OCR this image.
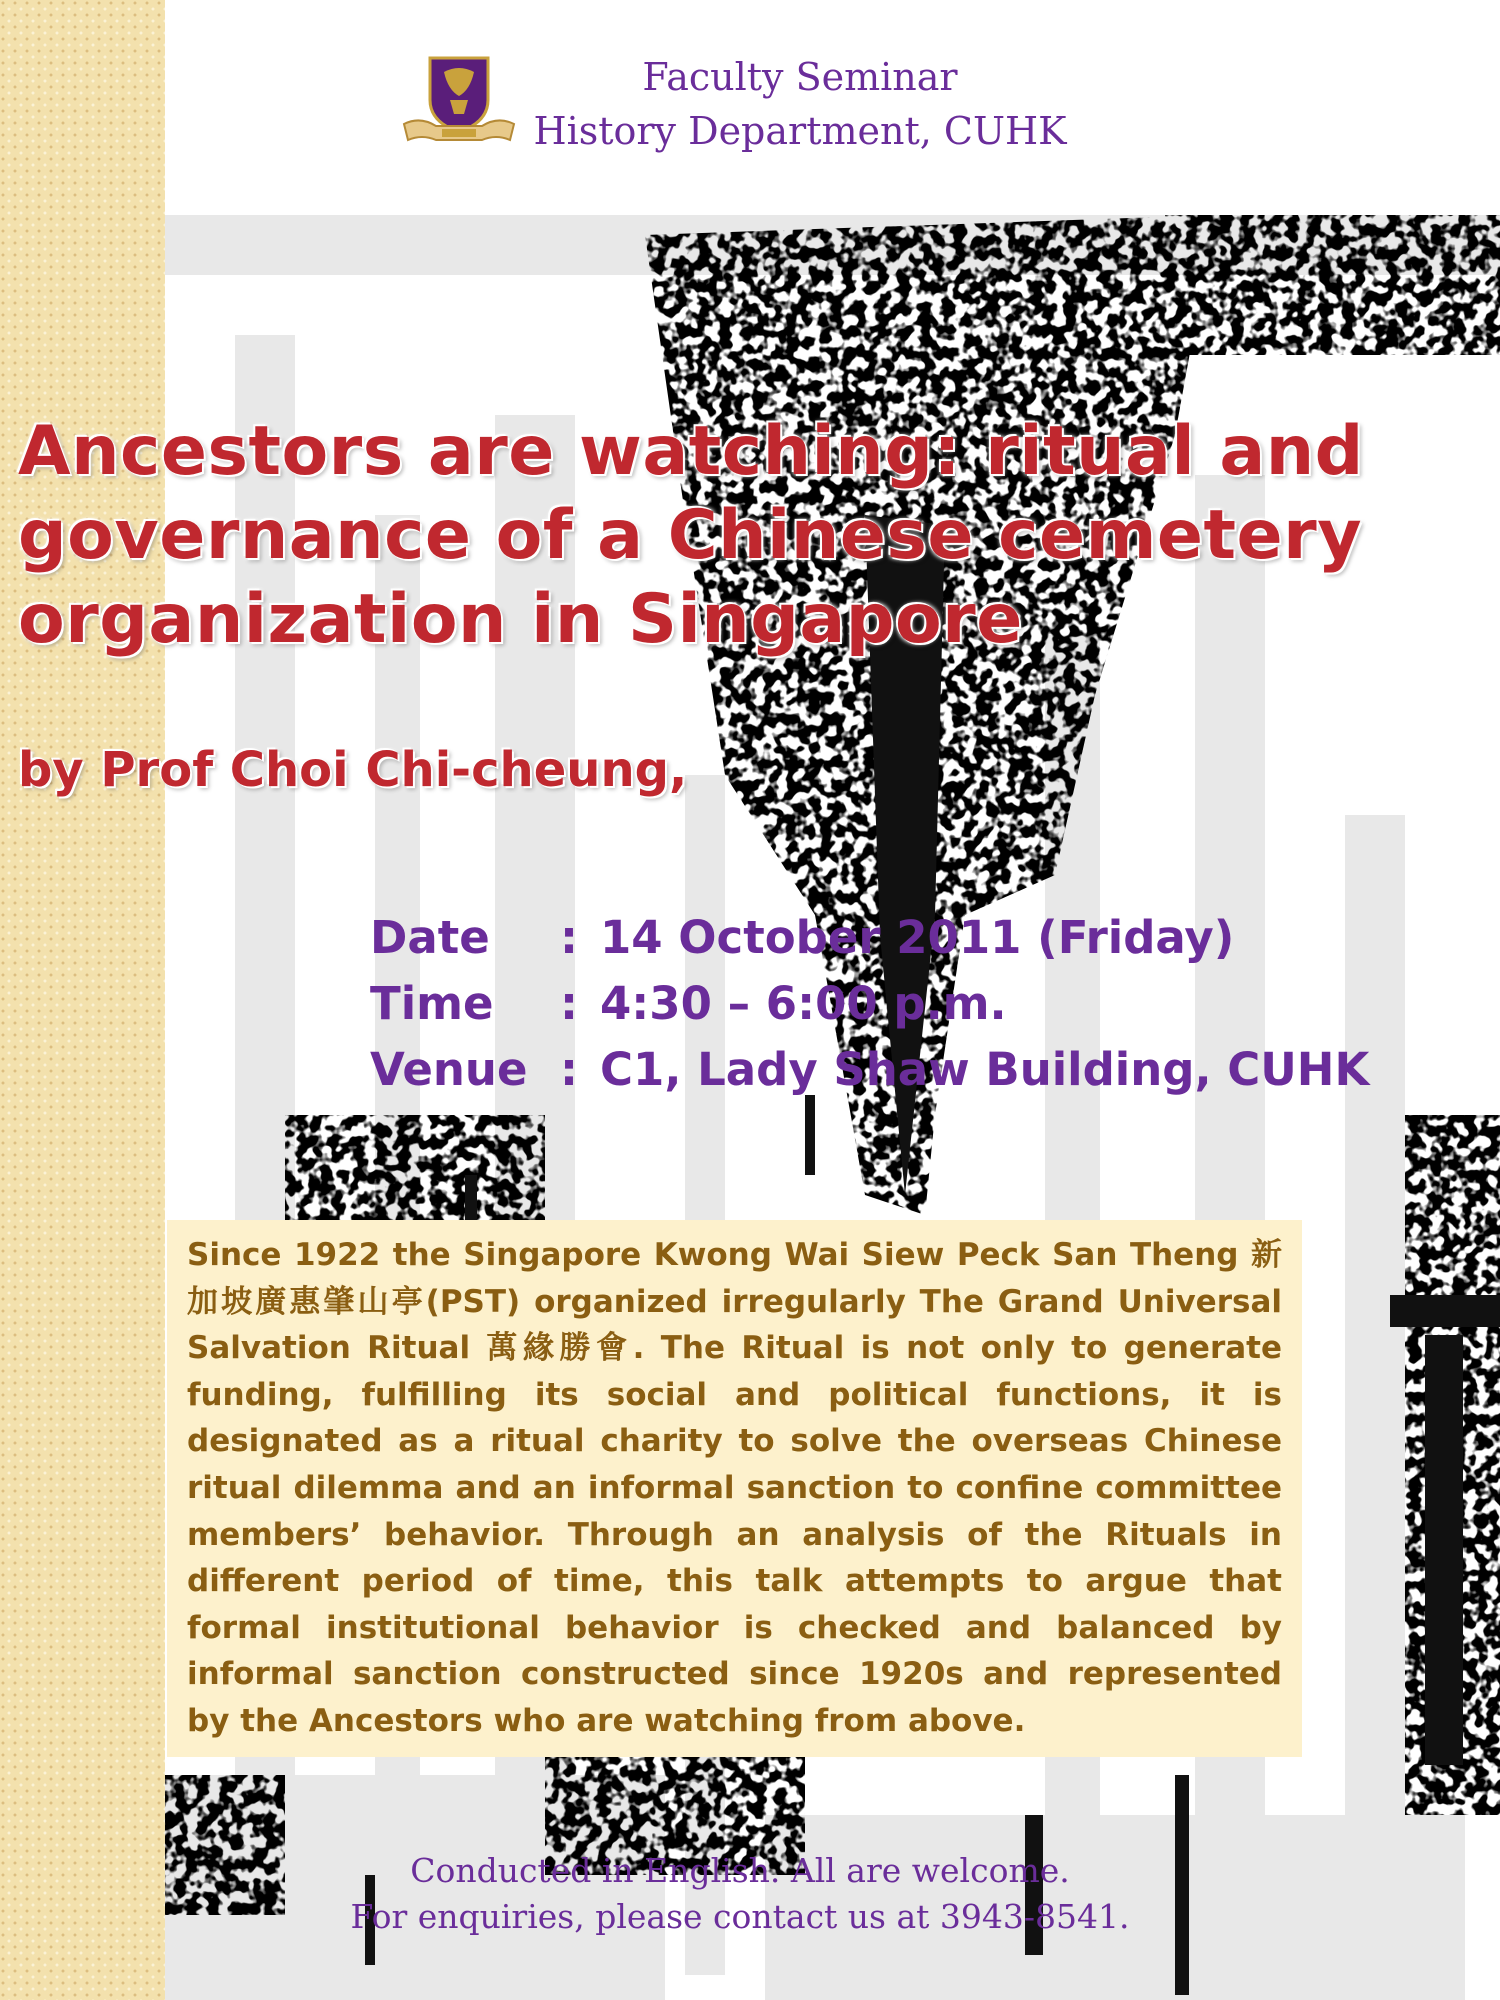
Faculty Seminar
History Department, CUHK
Ancestors are watching: ritual and
governance of a Chinese cemetery
organization in Singapore
by Prof Choi Chi-cheung,
Date	: 14 October 2011 (Friday)
Time	: 4:30 – 6:00 p.m.
Venue : C1, Lady Shaw Building, CUHK

Since 1922 the Singapore Kwong Wai Siew Peck San Theng 新加坡廣惠肇山亭(PST) organized irregularly The Grand Universal Salvation Ritual 萬緣勝會. The Ritual is not only to generate funding, fulfilling its social and political functions, it is designated as a ritual charity to solve the overseas Chinese ritual dilemma and an informal sanction to confine committee members’ behavior. Through an analysis of the Rituals in different period of time, this talk attempts to argue that formal institutional behavior is checked and balanced by informal sanction constructed since 1920s and represented by the Ancestors who are watching from above.

Conducted in English. All are welcome.
For enquiries, please contact us at 3943-8541.
